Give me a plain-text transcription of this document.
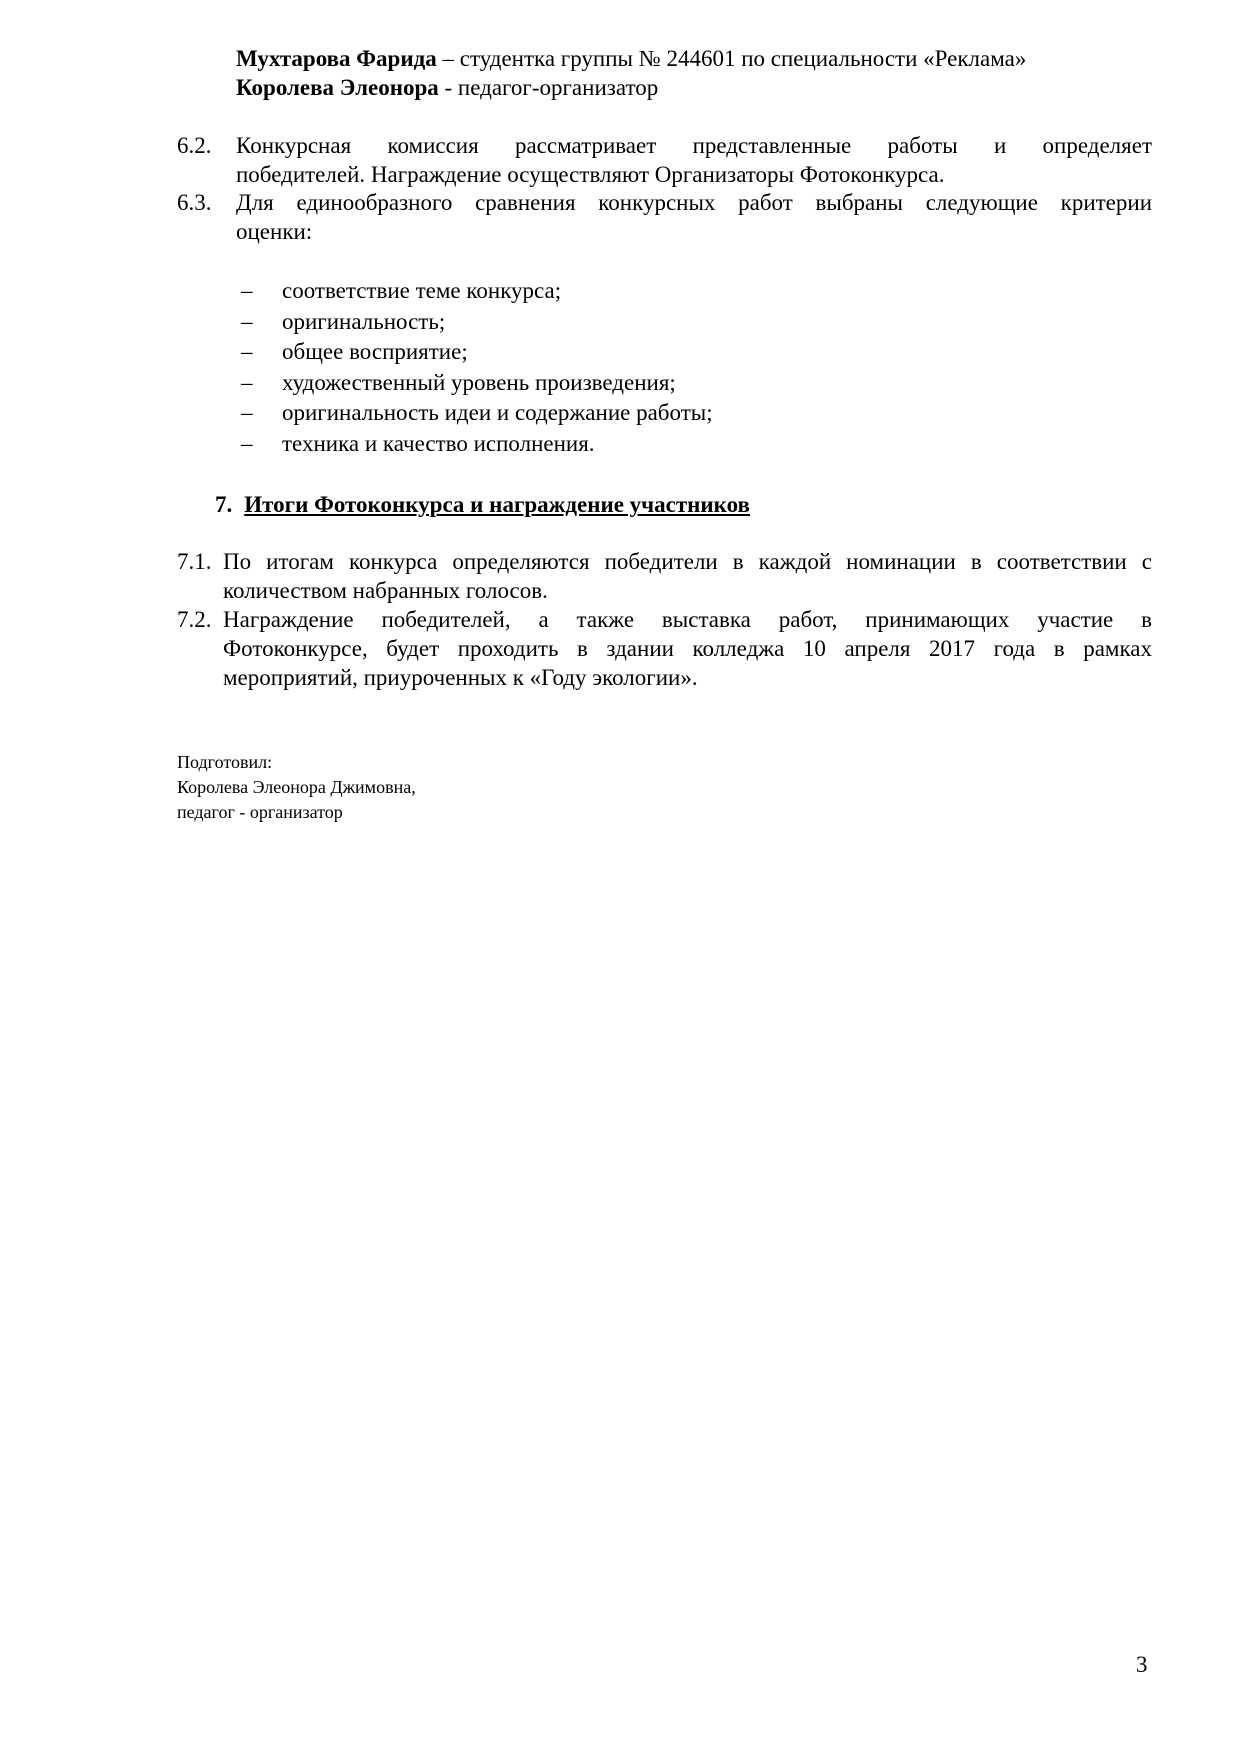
Мухтарова Фарида – студентка группы № 244601 по специальности «Реклама»
Королева Элеонора - педагог-организатор
6.2. Конкурсная комиссия рассматривает представленные работы и определяет
победителей. Награждение осуществляют Организаторы Фотоконкурса.
6.3. Для единообразного сравнения конкурсных работ выбраны следующие критерии
оценки:
– соответствие теме конкурса;
– оригинальность;
– общее восприятие;
– художественный уровень произведения;
– оригинальность идеи и содержание работы;
– техника и качество исполнения.
7. Итоги Фотоконкурса и награждение участников
7.1. По итогам конкурса определяются победители в каждой номинации в соответствии с
количеством набранных голосов.
7.2. Награждение победителей, а также выставка работ, принимающих участие в
Фотоконкурсе, будет проходить в здании колледжа 10 апреля 2017 года в рамках
мероприятий, приуроченных к «Году экологии».
Подготовил:
Королева Элеонора Джимовна,
педагог - организатор
3
